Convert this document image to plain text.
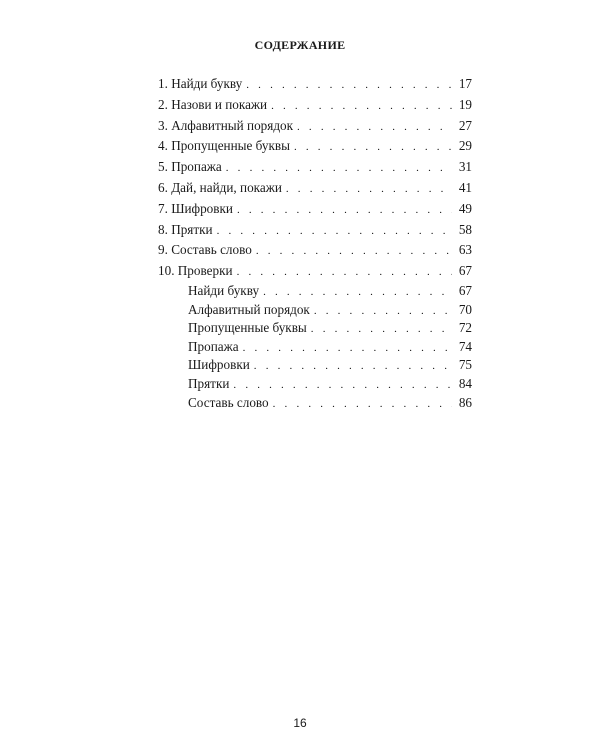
СОДЕРЖАНИЕ
1. Найди букву . . .	17
2. Назови и покажи . . .	19
3. Алфавитный порядок . . .	27
4. Пропущенные буквы . . .	29
5. Пропажа . . .	31
6. Дай, найди, покажи . . .	41
7. Шифровки . . .	49
8. Прятки . . .	58
9. Составь слово . . .	63
10. Проверки . . .	67
Найди букву . . .	67
Алфавитный порядок . . .	70
Пропущенные буквы . . .	72
Пропажа . . .	74
Шифровки . . .	75
Прятки . . .	84
Составь слово . . .	86
16
